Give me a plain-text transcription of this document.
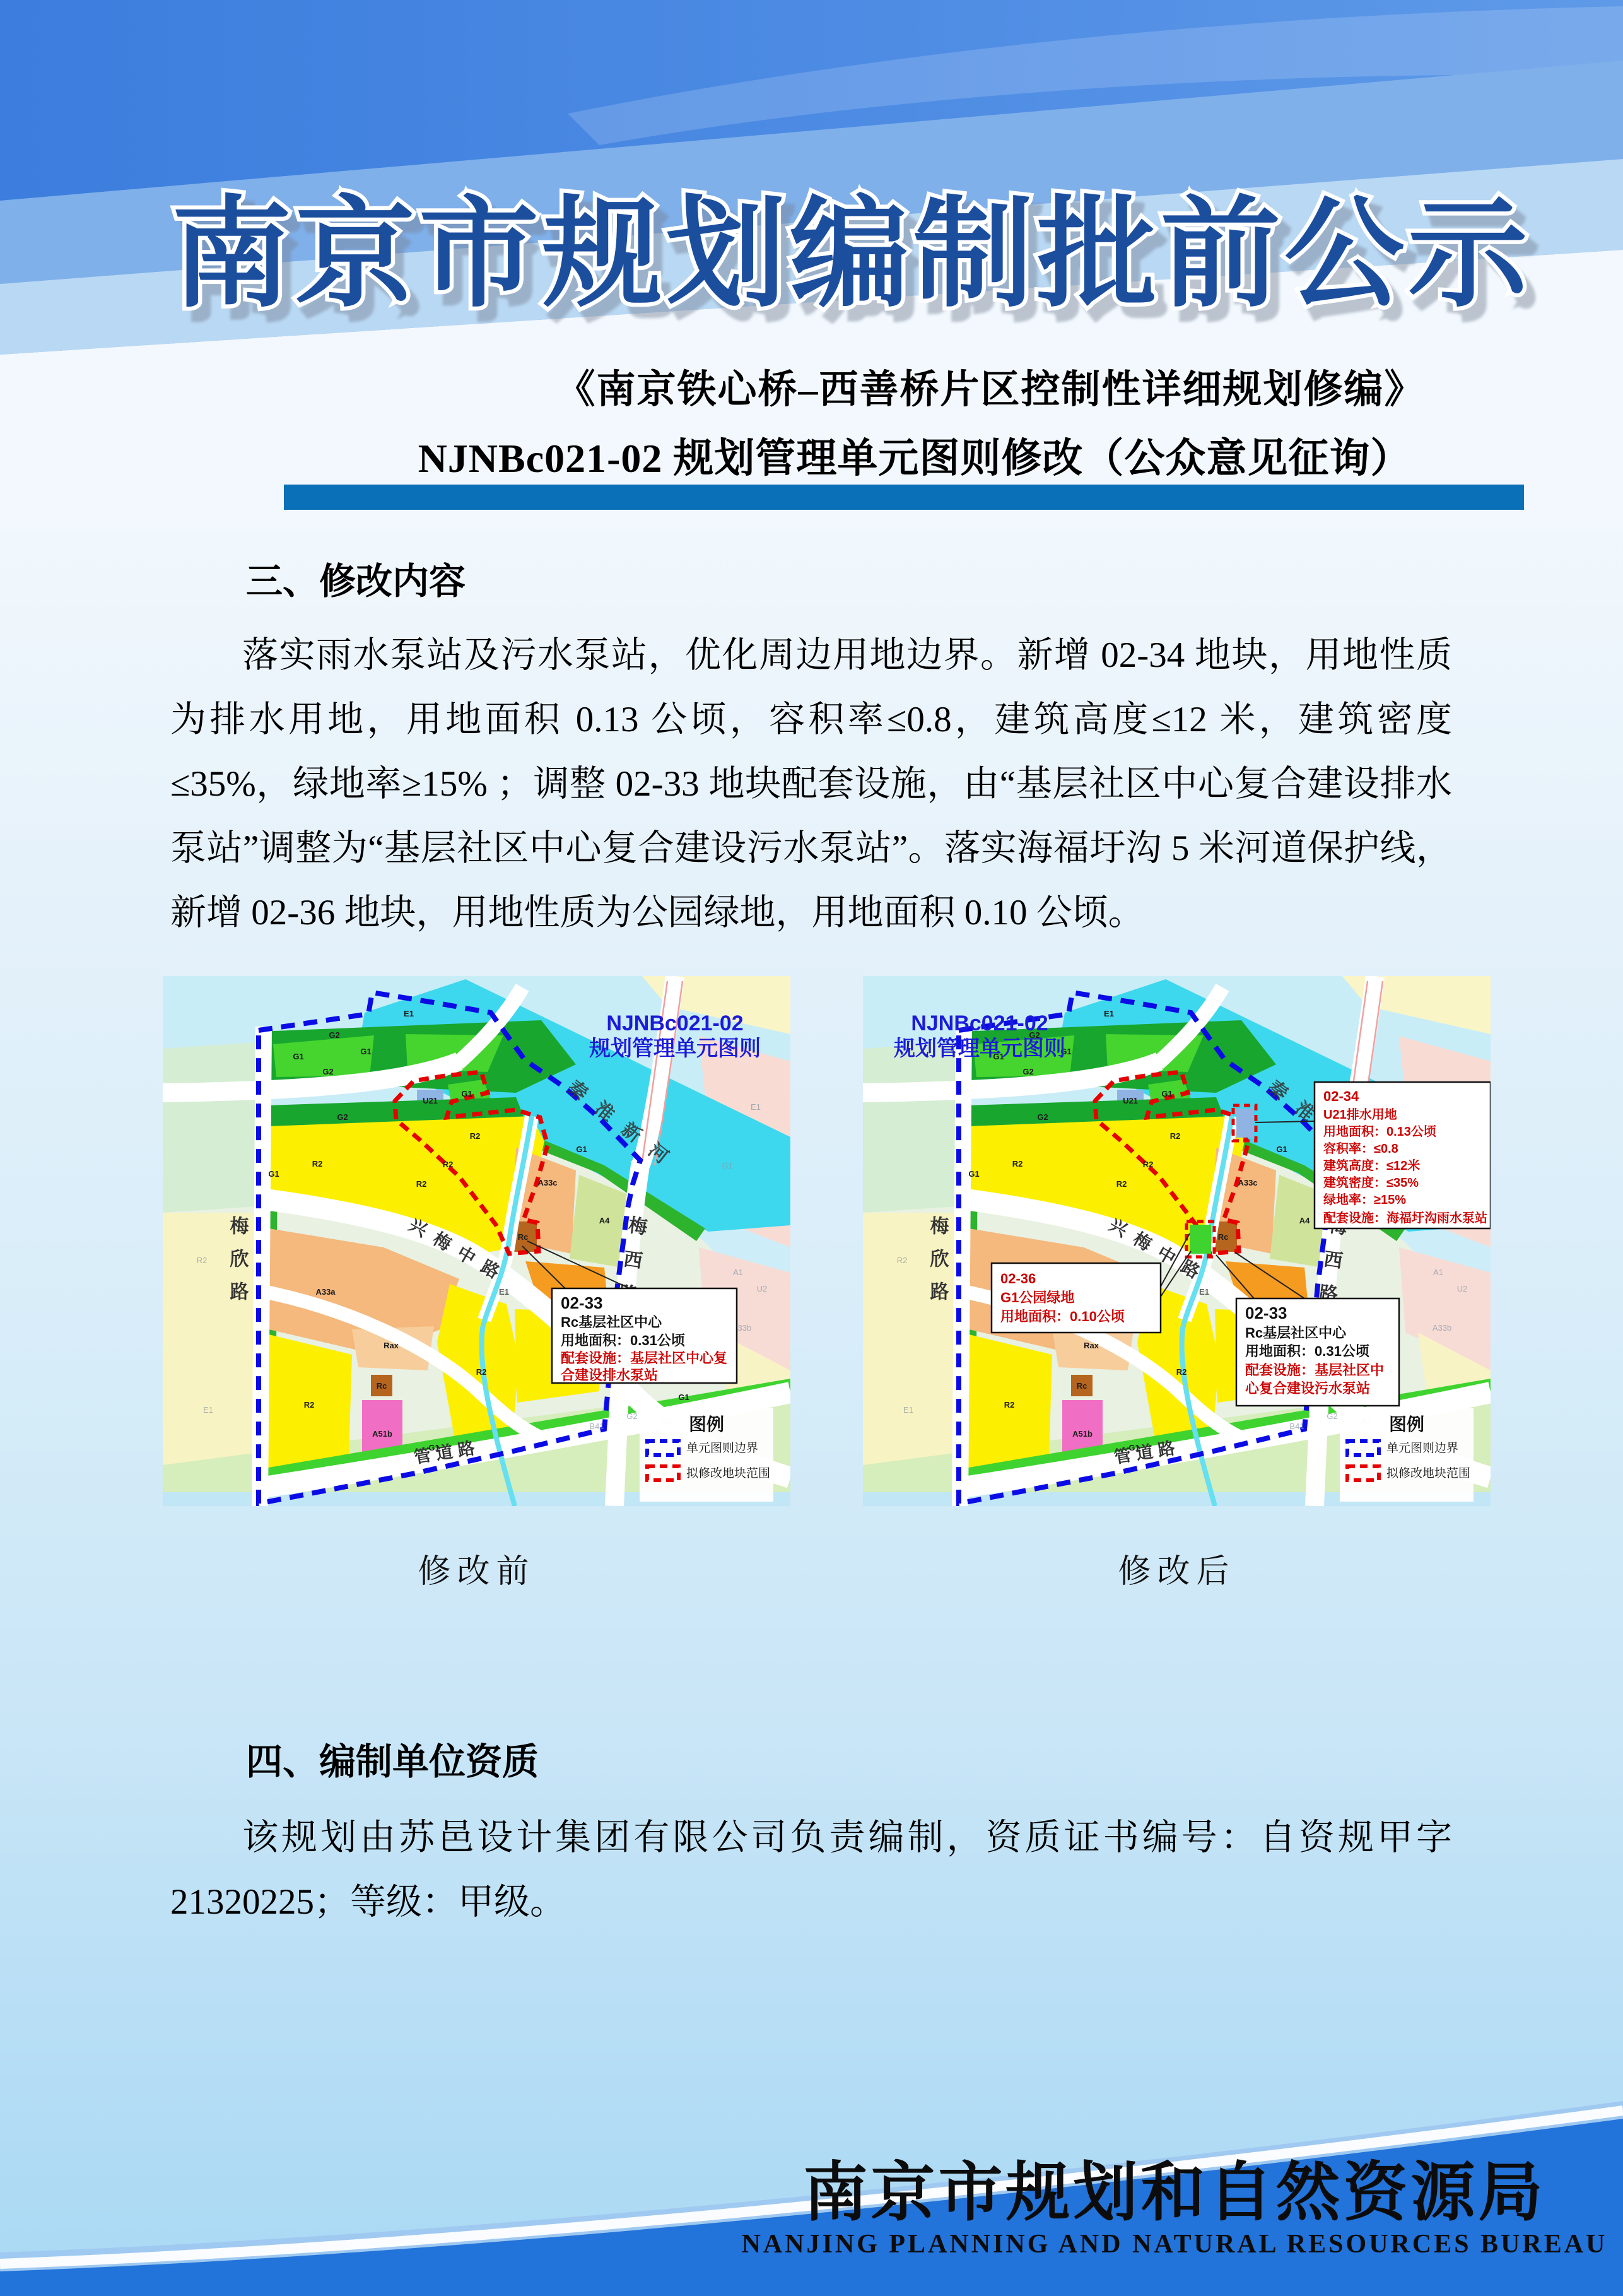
南京市规划编制批前公示
《南京铁心桥–西善桥片区控制性详细规划修编》
NJNBc021-02 规划管理单元图则修改（公众意见征询）
三、修改内容
落实雨水泵站及污水泵站，优化周边用地边界。新增 02-34 地块，用地性质为排水用地，用地面积 0.13 公顷，容积率≤0.8，建筑高度≤12 米，建筑密度≤35%，绿地率≥15% ；调整 02-33 地块配套设施，由“基层社区中心复合建设排水泵站”调整为“基层社区中心复合建设污水泵站”。落实海福圩沟 5 米河道保护线，新增 02-36 地块，用地性质为公园绿地，用地面积 0.10 公顷。
NJNBc021-02
规划管理单元图则
02-33
Rc基层社区中心
用地面积：0.31公顷
配套设施：基层社区中心复
合建设排水泵站
NJNBc021-02
规划管理单元图则
02-34
U21排水用地
用地面积：0.13公顷
容积率：≤0.8
建筑高度：≤12米
建筑密度：≤35%
绿地率：≥15%
配套设施：海福圩沟雨水泵站
02-36
G1公园绿地
用地面积：0.10公顷	02-33
Rc基层社区中心
用地面积：0.31公顷
配套设施：基层社区中
心复合建设污水泵站
修改前	修改后
四、编制单位资质
该规划由苏邑设计集团有限公司负责编制，资质证书编号：自资规甲字 21320225；等级：甲级。
南京市规划和自然资源局
NANJING PLANNING AND NATURAL RESOURCES BUREAU
